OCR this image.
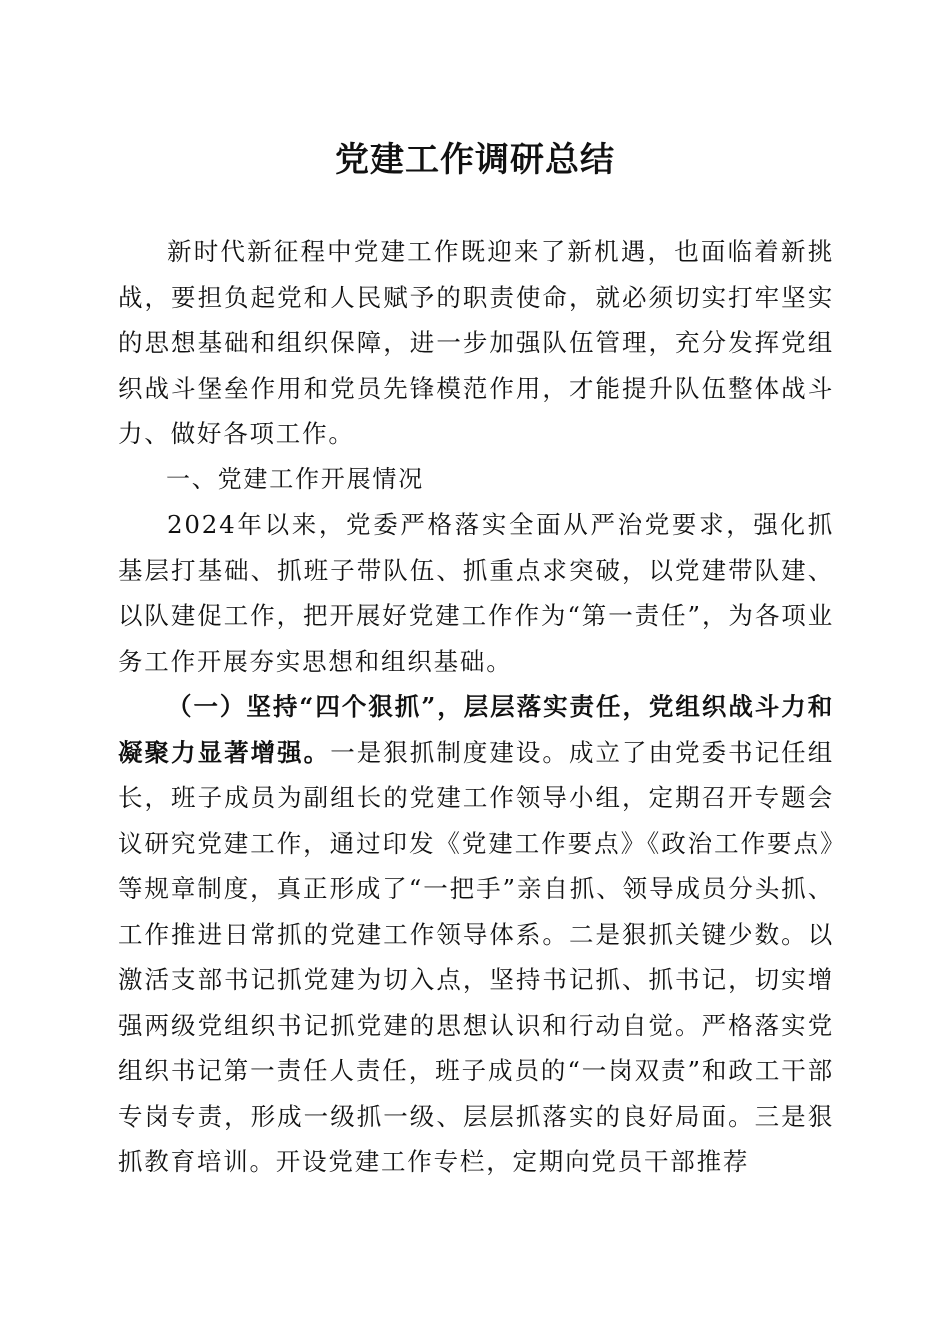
党建工作调研总结

新时代新征程中党建工作既迎来了新机遇，也面临着新挑战，要担负起党和人民赋予的职责使命，就必须切实打牢坚实的思想基础和组织保障，进一步加强队伍管理，充分发挥党组织战斗堡垒作用和党员先锋模范作用，才能提升队伍整体战斗力、做好各项工作。

一、党建工作开展情况

2024年以来，党委严格落实全面从严治党要求，强化抓基层打基础、抓班子带队伍、抓重点求突破，以党建带队建、以队建促工作，把开展好党建工作作为“第一责任”，为各项业务工作开展夯实思想和组织基础。

（一）坚持“四个狠抓”，层层落实责任，党组织战斗力和凝聚力显著增强。一是狠抓制度建设。成立了由党委书记任组长，班子成员为副组长的党建工作领导小组，定期召开专题会议研究党建工作，通过印发《党建工作要点》《政治工作要点》等规章制度，真正形成了“一把手”亲自抓、领导成员分头抓、工作推进日常抓的党建工作领导体系。二是狠抓关键少数。以激活支部书记抓党建为切入点，坚持书记抓、抓书记，切实增强两级党组织书记抓党建的思想认识和行动自觉。严格落实党组织书记第一责任人责任，班子成员的“一岗双责”和政工干部专岗专责，形成一级抓一级、层层抓落实的良好局面。三是狠抓教育培训。开设党建工作专栏，定期向党员干部推荐
